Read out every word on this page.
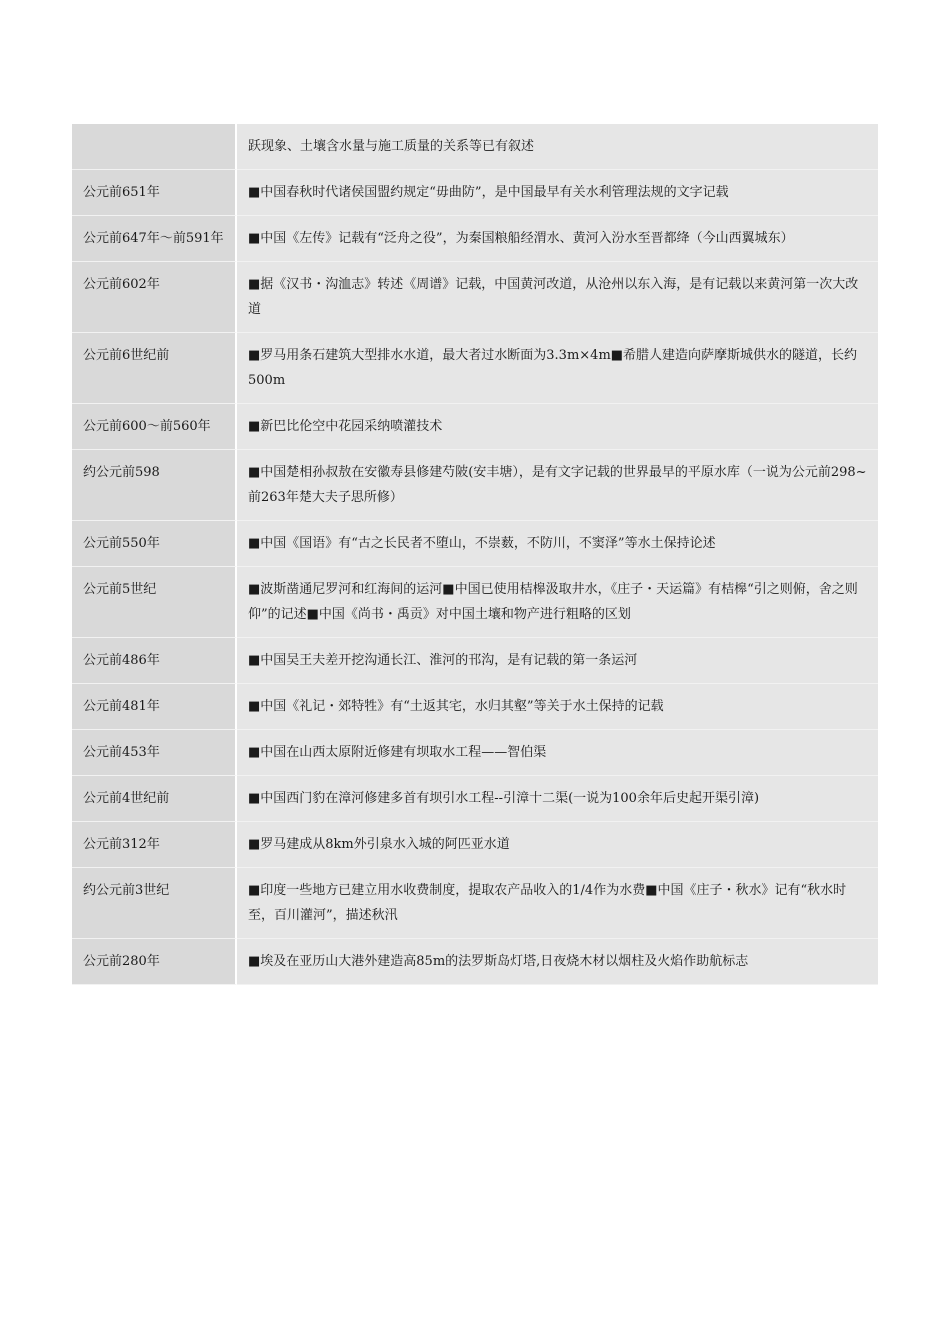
	跃现象、土壤含水量与施工质量的关系等已有叙述
公元前651年	■中国春秋时代诸侯国盟约规定“毋曲防”，是中国最早有关水利管理法规的文字记载
公元前647年～前591年	■中国《左传》记载有“泛舟之役”，为秦国粮船经渭水、黄河入汾水至晋都绛（今山西翼城东）
公元前602年	■据《汉书・沟洫志》转述《周谱》记载，中国黄河改道，从沧州以东入海，是有记载以来黄河第一次大改道
公元前6世纪前	■罗马用条石建筑大型排水水道，最大者过水断面为3.3m×4m■希腊人建造向萨摩斯城供水的隧道，长约500m
公元前600～前560年	■新巴比伦空中花园采纳喷灌技术
约公元前598	■中国楚相孙叔敖在安徽寿县修建芍陂(安丰塘），是有文字记载的世界最早的平原水库（一说为公元前298~前263年楚大夫子思所修）
公元前550年	■中国《国语》有“古之长民者不堕山，不崇薮，不防川，不窦泽”等水土保持论述
公元前5世纪	■波斯凿通尼罗河和红海间的运河■中国已使用桔槔汲取井水，《庄子・天运篇》有桔槔“引之则俯，舍之则仰”的记述■中国《尚书・禹贡》对中国土壤和物产进行粗略的区划
公元前486年	■中国吴王夫差开挖沟通长江、淮河的邗沟，是有记载的第一条运河
公元前481年	■中国《礼记・郊特牲》有“土返其宅，水归其壑”等关于水土保持的记载
公元前453年	■中国在山西太原附近修建有坝取水工程——智伯渠
公元前4世纪前	■中国西门豹在漳河修建多首有坝引水工程--引漳十二渠(一说为100余年后史起开渠引漳)
公元前312年	■罗马建成从8km外引泉水入城的阿匹亚水道
约公元前3世纪	■印度一些地方已建立用水收费制度，提取农产品收入的1/4作为水费■中国《庄子・秋水》记有“秋水时至，百川灌河”，描述秋汛
公元前280年	■埃及在亚历山大港外建造高85m的法罗斯岛灯塔,日夜烧木材以烟柱及火焰作助航标志
